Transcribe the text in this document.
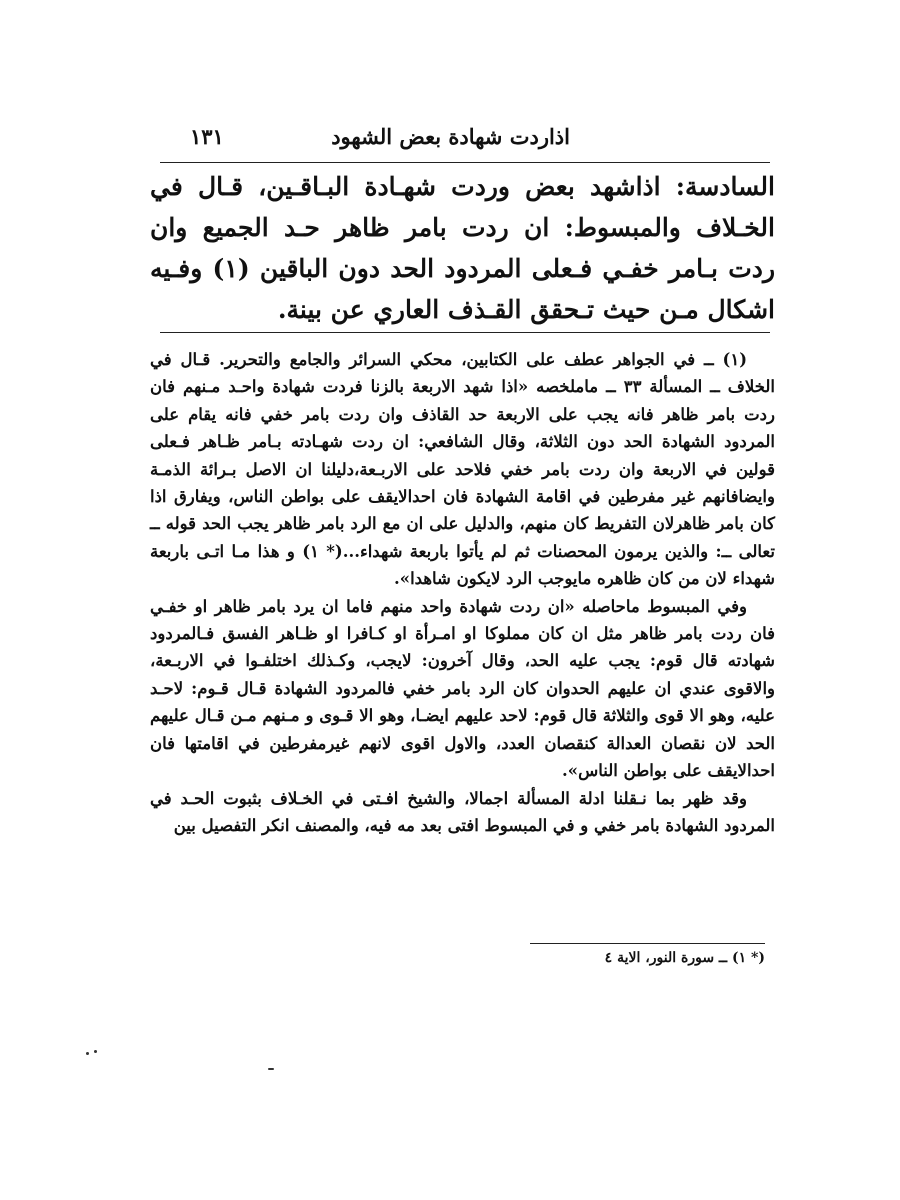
اذاردت شهادة بعض الشهود
١٣١

السادسة: اذاشهد بعض وردت شهـادة البـاقـين، قـال في الخـلاف والمبسوط: ان ردت بامر ظاهر حـد الجميع وان ردت بـامر خفـي فـعلى المردود الحد دون الباقين (١) وفـيه اشكال مـن حيث تـحقق القـذف العاري عن بينة.

(١) ــ في الجواهر عطف على الكتابين، محكي السرائر والجامع والتحرير. قـال في الخلاف ــ المسألة ٣٣ ــ ماملخصه «اذا شهد الاربعة بالزنا فردت شهادة واحـد مـنهم فان ردت بامر ظاهر فانه يجب على الاربعة حد القاذف وان ردت بامر خفي فانه يقام على المردود الشهادة الحد دون الثلاثة، وقال الشافعي: ان ردت شهـادته بـامر ظـاهر فـعلى قولين في الاربعة وان ردت بامر خفي فلاحد على الاربـعة،دليلنا ان الاصل بـرائة الذمـة وايضافانهم غير مفرطين في اقامة الشهادة فان احدالايقف على بواطن الناس، ويفارق اذا كان بامر ظاهرلان التفريط كان منهم، والدليل على ان مع الرد بامر ظاهر يجب الحد قوله ــ تعالى ــ: والذين يرمون المحصنات ثم لم يأتوا باربعة شهداء...(* ١) و هذا مـا اتـى باربعة شهداء لان من كان ظاهره مايوجب الرد لايكون شاهدا».

وفي المبسوط ماحاصله «ان ردت شهادة واحد منهم فاما ان يرد بامر ظاهر او خفـي فان ردت بامر ظاهر مثل ان كان مملوكا او امـرأة او كـافرا او ظـاهر الفسق فـالمردود شهادته قال قوم: يجب عليه الحد، وقال آخرون: لايجب، وكـذلك اختلفـوا في الاربـعة، والاقوى عندي ان عليهم الحدوان كان الرد بامر خفي فالمردود الشهادة قـال قـوم: لاحـد عليه، وهو الا قوى والثلاثة قال قوم: لاحد عليهم ايضـا، وهو الا قـوى و مـنهم مـن قـال عليهم الحد لان نقصان العدالة كنقصان العدد، والاول اقوى لانهم غيرمفرطين في اقامتها فان احدالايقف على بواطن الناس».

وقد ظهر بما نـقلنا ادلة المسألة اجمالا، والشيخ افـتى في الخـلاف بثبوت الحـد في المردود الشهادة بامر خفي و في المبسوط افتى بعد مه فيه، والمصنف انكر التفصيل بين

(* ١) ــ سورة النور، الاية ٤
